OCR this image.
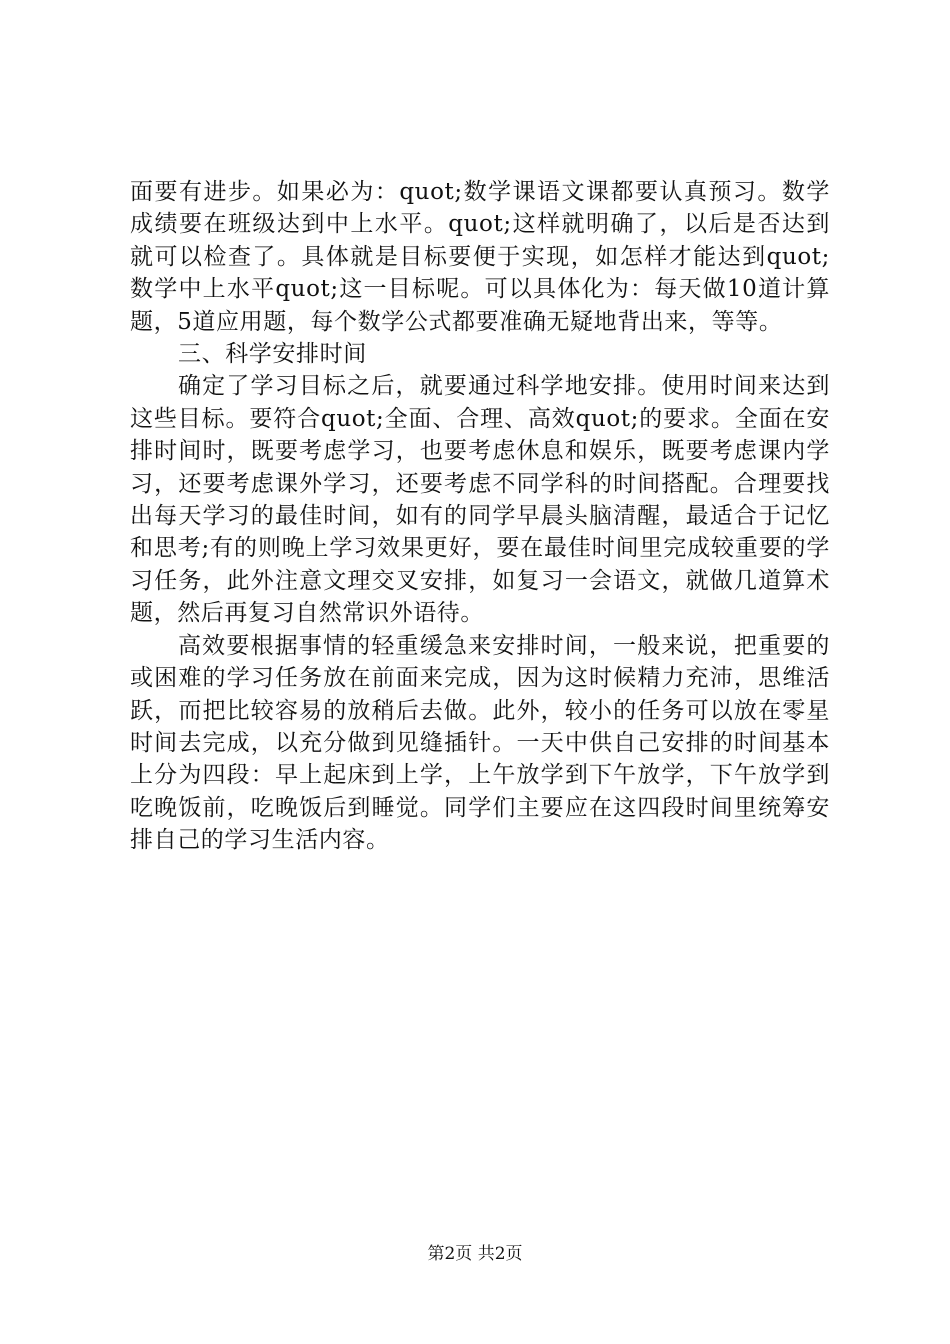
面要有进步。如果必为：quot;数学课语文课都要认真预习。数学成绩要在班级达到中上水平。quot;这样就明确了，以后是否达到就可以检查了。具体就是目标要便于实现，如怎样才能达到quot;数学中上水平quot;这一目标呢。可以具体化为：每天做10道计算题，5道应用题，每个数学公式都要准确无疑地背出来，等等。

三、科学安排时间

确定了学习目标之后，就要通过科学地安排。使用时间来达到这些目标。要符合quot;全面、合理、高效quot;的要求。全面在安排时间时，既要考虑学习，也要考虑休息和娱乐，既要考虑课内学习，还要考虑课外学习，还要考虑不同学科的时间搭配。合理要找出每天学习的最佳时间，如有的同学早晨头脑清醒，最适合于记忆和思考;有的则晚上学习效果更好，要在最佳时间里完成较重要的学习任务，此外注意文理交叉安排，如复习一会语文，就做几道算术题，然后再复习自然常识外语待。

高效要根据事情的轻重缓急来安排时间，一般来说，把重要的或困难的学习任务放在前面来完成，因为这时候精力充沛，思维活跃，而把比较容易的放稍后去做。此外，较小的任务可以放在零星时间去完成，以充分做到见缝插针。一天中供自己安排的时间基本上分为四段：早上起床到上学，上午放学到下午放学，下午放学到吃晚饭前，吃晚饭后到睡觉。同学们主要应在这四段时间里统筹安排自己的学习生活内容。

第2页 共2页
